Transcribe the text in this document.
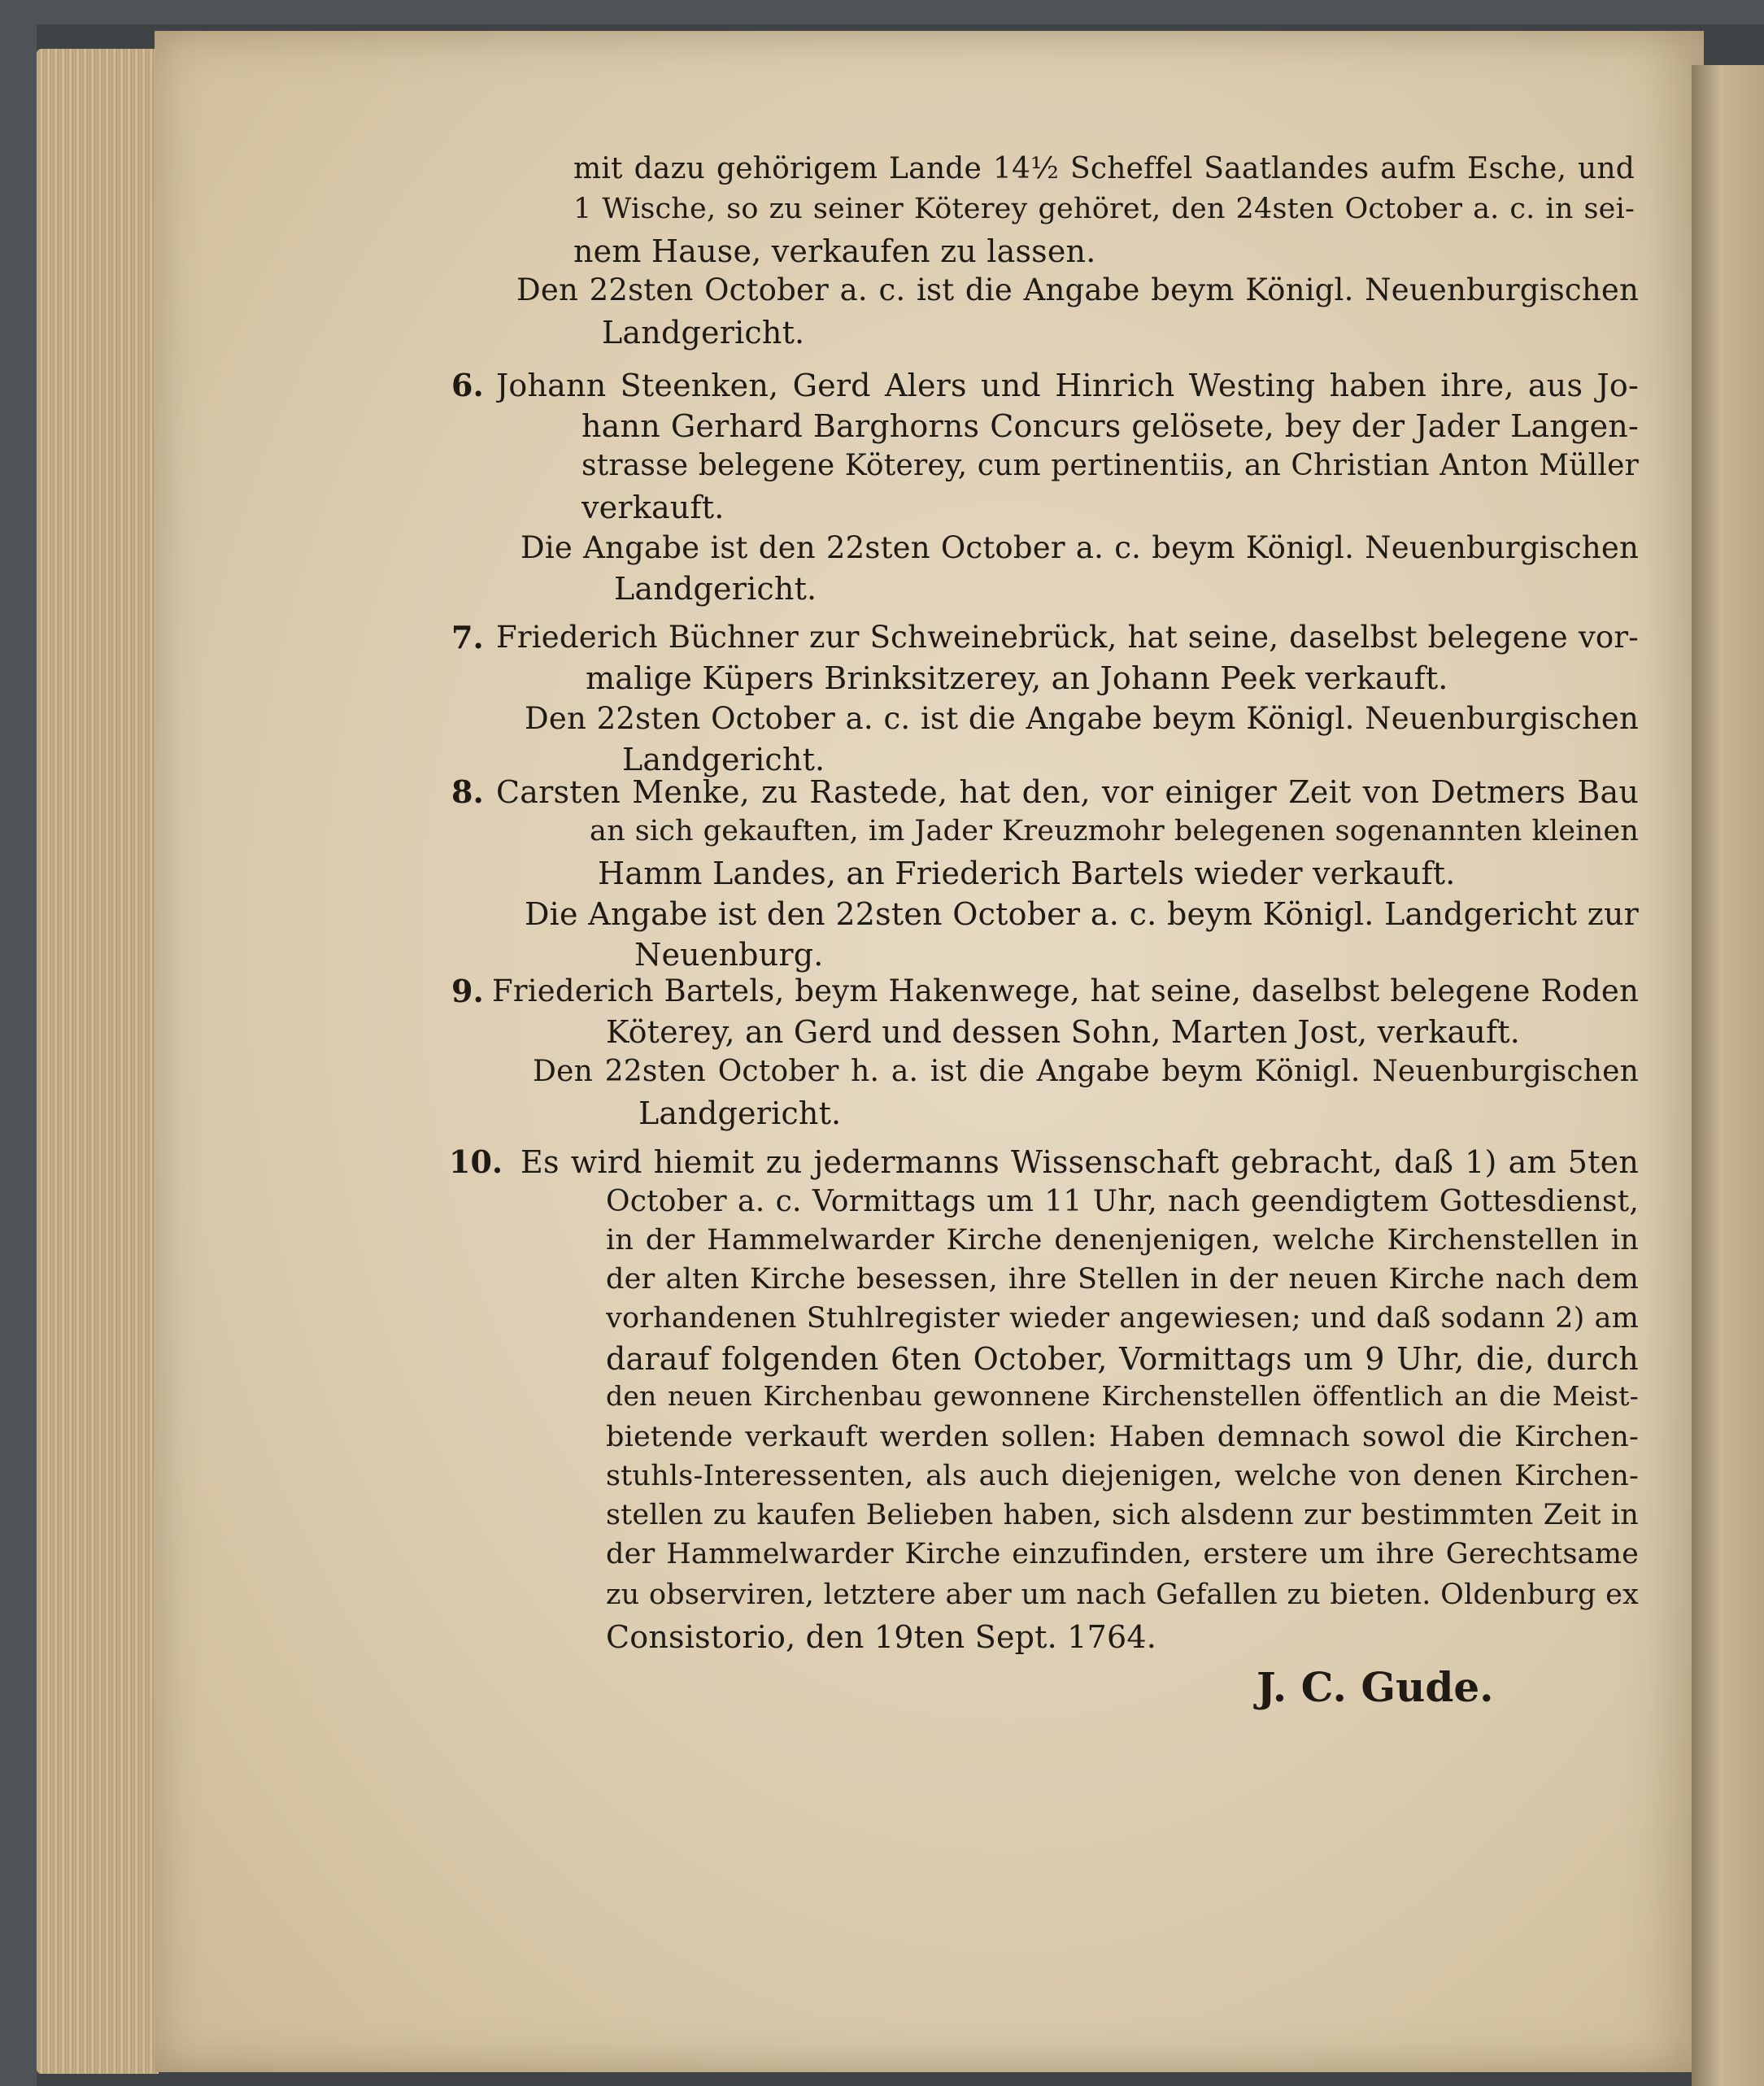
6.
7.
8.
9.
10.
mit dazu gehörigem Lande 14½ Scheffel Saatlandes aufm Esche, und
1 Wische, so zu seiner Köterey gehöret, den 24sten October a. c. in sei-
nem Hause, verkaufen zu lassen.
Den 22sten October a. c. ist die Angabe beym Königl. Neuenburgischen
Landgericht.
Johann Steenken, Gerd Alers und Hinrich Westing haben ihre, aus Jo-
hann Gerhard Barghorns Concurs gelösete, bey der Jader Langen-
strasse belegene Köterey, cum pertinentiis, an Christian Anton Müller
verkauft.
Die Angabe ist den 22sten October a. c. beym Königl. Neuenburgischen
Landgericht.
Friederich Büchner zur Schweinebrück, hat seine, daselbst belegene vor-
malige Küpers Brinksitzerey, an Johann Peek verkauft.
Den 22sten October a. c. ist die Angabe beym Königl. Neuenburgischen
Landgericht.
Carsten Menke, zu Rastede, hat den, vor einiger Zeit von Detmers Bau
an sich gekauften, im Jader Kreuzmohr belegenen sogenannten kleinen
Hamm Landes, an Friederich Bartels wieder verkauft.
Die Angabe ist den 22sten October a. c. beym Königl. Landgericht zur
Neuenburg.
Friederich Bartels, beym Hakenwege, hat seine, daselbst belegene Roden
Köterey, an Gerd und dessen Sohn, Marten Jost, verkauft.
Den 22sten October h. a. ist die Angabe beym Königl. Neuenburgischen
Landgericht.
Es wird hiemit zu jedermanns Wissenschaft gebracht, daß 1) am 5ten
October a. c. Vormittags um 11 Uhr, nach geendigtem Gottesdienst,
in der Hammelwarder Kirche denenjenigen, welche Kirchenstellen in
der alten Kirche besessen, ihre Stellen in der neuen Kirche nach dem
vorhandenen Stuhlregister wieder angewiesen; und daß sodann 2) am
darauf folgenden 6ten October, Vormittags um 9 Uhr, die, durch
den neuen Kirchenbau gewonnene Kirchenstellen öffentlich an die Meist-
bietende verkauft werden sollen: Haben demnach sowol die Kirchen-
stuhls-Interessenten, als auch diejenigen, welche von denen Kirchen-
stellen zu kaufen Belieben haben, sich alsdenn zur bestimmten Zeit in
der Hammelwarder Kirche einzufinden, erstere um ihre Gerechtsame
zu observiren, letztere aber um nach Gefallen zu bieten. Oldenburg ex
Consistorio, den 19ten Sept. 1764.
J. C. Gude.
